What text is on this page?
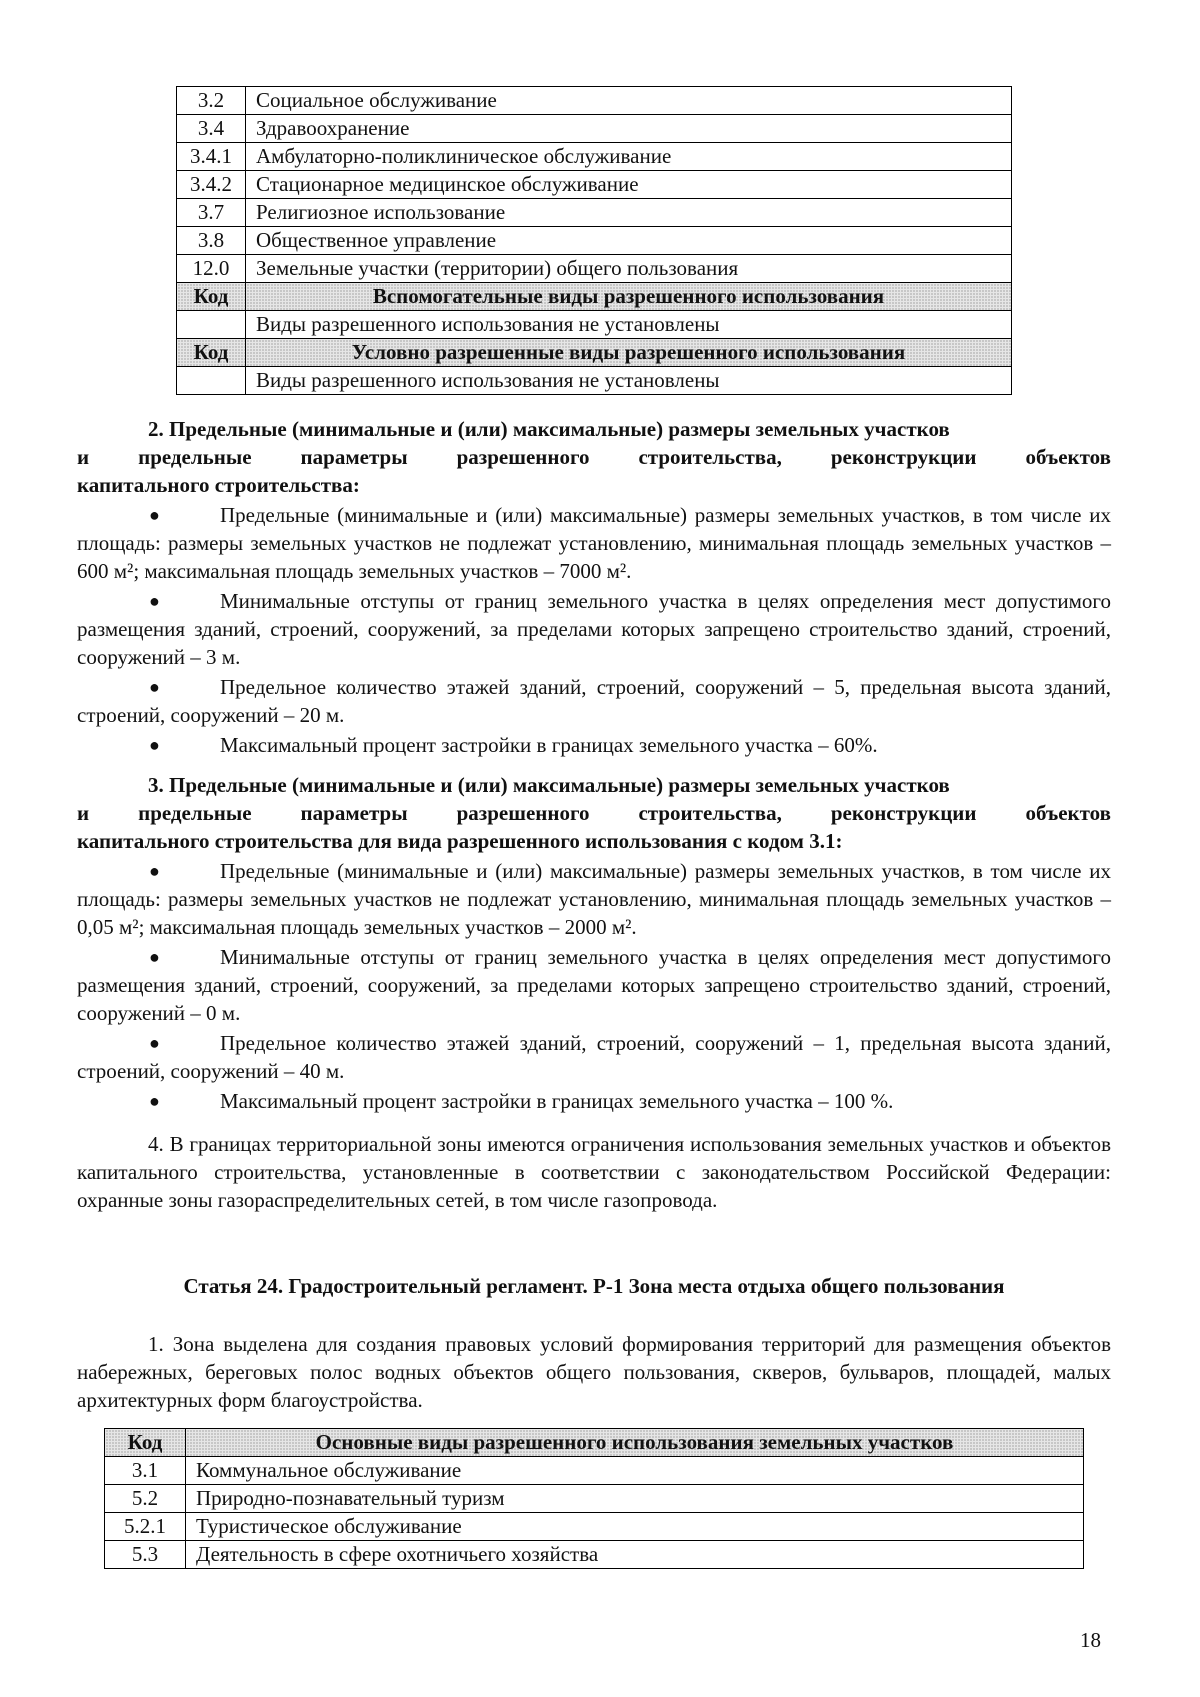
3.2	Социальное обслуживание
3.4	Здравоохранение
3.4.1	Амбулаторно-поликлиническое обслуживание
3.4.2	Стационарное медицинское обслуживание
3.7	Религиозное использование
3.8	Общественное управление
12.0	Земельные участки (территории) общего пользования
Код	Вспомогательные виды разрешенного использования
	Виды разрешенного использования не установлены
Код	Условно разрешенные виды разрешенного использования
	Виды разрешенного использования не установлены

2. Предельные (минимальные и (или) максимальные) размеры земельных участков

и предельные параметры разрешенного строительства, реконструкции объектов

капитального строительства:

●	Предельные (минимальные и (или) максимальные) размеры земельных участков, в том числе их площадь: размеры земельных участков не подлежат установлению, минимальная площадь земельных участков – 600 м²; максимальная площадь земельных участков – 7000 м².

●	Минимальные отступы от границ земельного участка в целях определения мест допустимого размещения зданий, строений, сооружений, за пределами которых запрещено строительство зданий, строений, сооружений – 3 м.

●	Предельное количество этажей зданий, строений, сооружений – 5, предельная высота зданий, строений, сооружений – 20 м.

●	Максимальный процент застройки в границах земельного участка – 60%.

3. Предельные (минимальные и (или) максимальные) размеры земельных участков

и предельные параметры разрешенного строительства, реконструкции объектов

капитального строительства для вида разрешенного использования с кодом 3.1:

●	Предельные (минимальные и (или) максимальные) размеры земельных участков, в том числе их площадь: размеры земельных участков не подлежат установлению, минимальная площадь земельных участков – 0,05 м²; максимальная площадь земельных участков – 2000 м².

●	Минимальные отступы от границ земельного участка в целях определения мест допустимого размещения зданий, строений, сооружений, за пределами которых запрещено строительство зданий, строений, сооружений – 0 м.

●	Предельное количество этажей зданий, строений, сооружений – 1, предельная высота зданий, строений, сооружений – 40 м.

●	Максимальный процент застройки в границах земельного участка – 100 %.

4. В границах территориальной зоны имеются ограничения использования земельных участков и объектов капитального строительства, установленные в соответствии с законодательством Российской Федерации: охранные зоны газораспределительных сетей, в том числе газопровода.

Статья 24. Градостроительный регламент. Р-1 Зона места отдыха общего пользования

1. Зона выделена для создания правовых условий формирования территорий для размещения объектов набережных, береговых полос водных объектов общего пользования, скверов, бульваров, площадей, малых архитектурных форм благоустройства.

Код	Основные виды разрешенного использования земельных участков
3.1	Коммунальное обслуживание
5.2	Природно-познавательный туризм
5.2.1	Туристическое обслуживание
5.3	Деятельность в сфере охотничьего хозяйства
18
